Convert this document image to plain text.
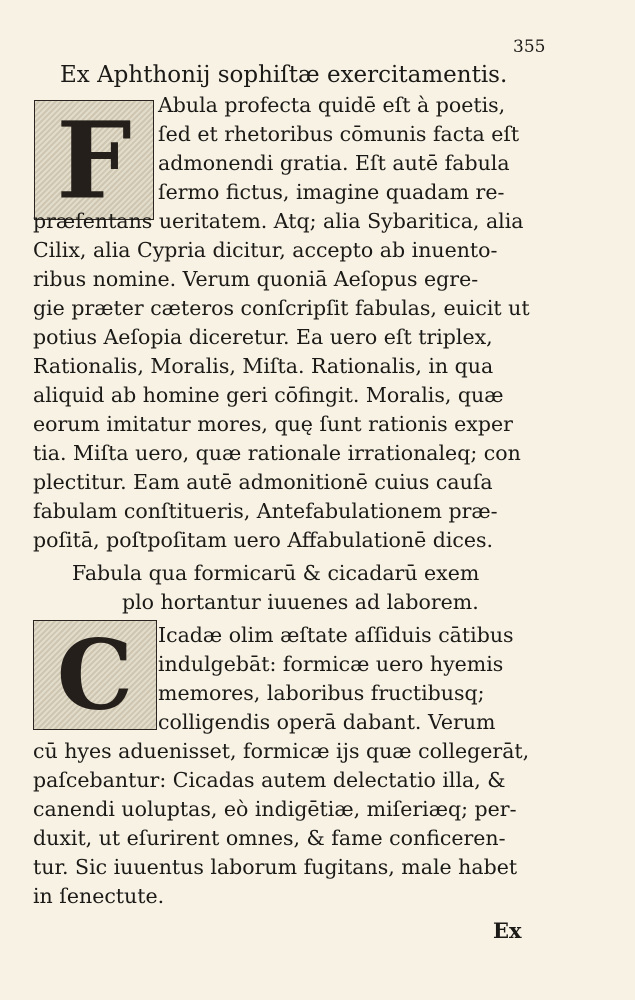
355
Ex Aphthonij sophiſtæ exercitamentis.
F	Abula profecta quidē eſt à poetis,
ſed et rhetoribus cōmunis facta eſt
admonendi gratia. Eſt autē fabula
ſermo fictus, imagine quadam re-
præſentans ueritatem. Atq; alia Sybaritica, alia
Cilix, alia Cypria dicitur, accepto ab inuento-
ribus nomine. Verum quoniā Aeſopus egre-
gie præter cæteros conſcripſit fabulas, euicit ut
potius Aeſopia diceretur. Ea uero eſt triplex,
Rationalis, Moralis, Miſta. Rationalis, in qua
aliquid ab homine geri cōfingit. Moralis, quæ
eorum imitatur mores, quę ſunt rationis exper
tia. Miſta uero, quæ rationale irrationaleq; con
plectitur. Eam autē admonitionē cuius cauſa
fabulam conſtitueris, Antefabulationem præ-
poſitā, poſtpoſitam uero Affabulationē dices.
Fabula qua formicarū & cicadarū exem
plo hortantur iuuenes ad laborem.
C	Icadæ olim æſtate aſſiduis cātibus
indulgebāt: formicæ uero hyemis
memores, laboribus fructibusq;
colligendis operā dabant. Verum
cū hyes aduenisset, formicæ ijs quæ collegerāt,
paſcebantur: Cicadas autem delectatio illa, &
canendi uoluptas, eò indigētiæ, miſeriæq; per-
duxit, ut eſurirent omnes, & fame conficeren-
tur. Sic iuuentus laborum fugitans, male habet
in ſenectute.
Ex
